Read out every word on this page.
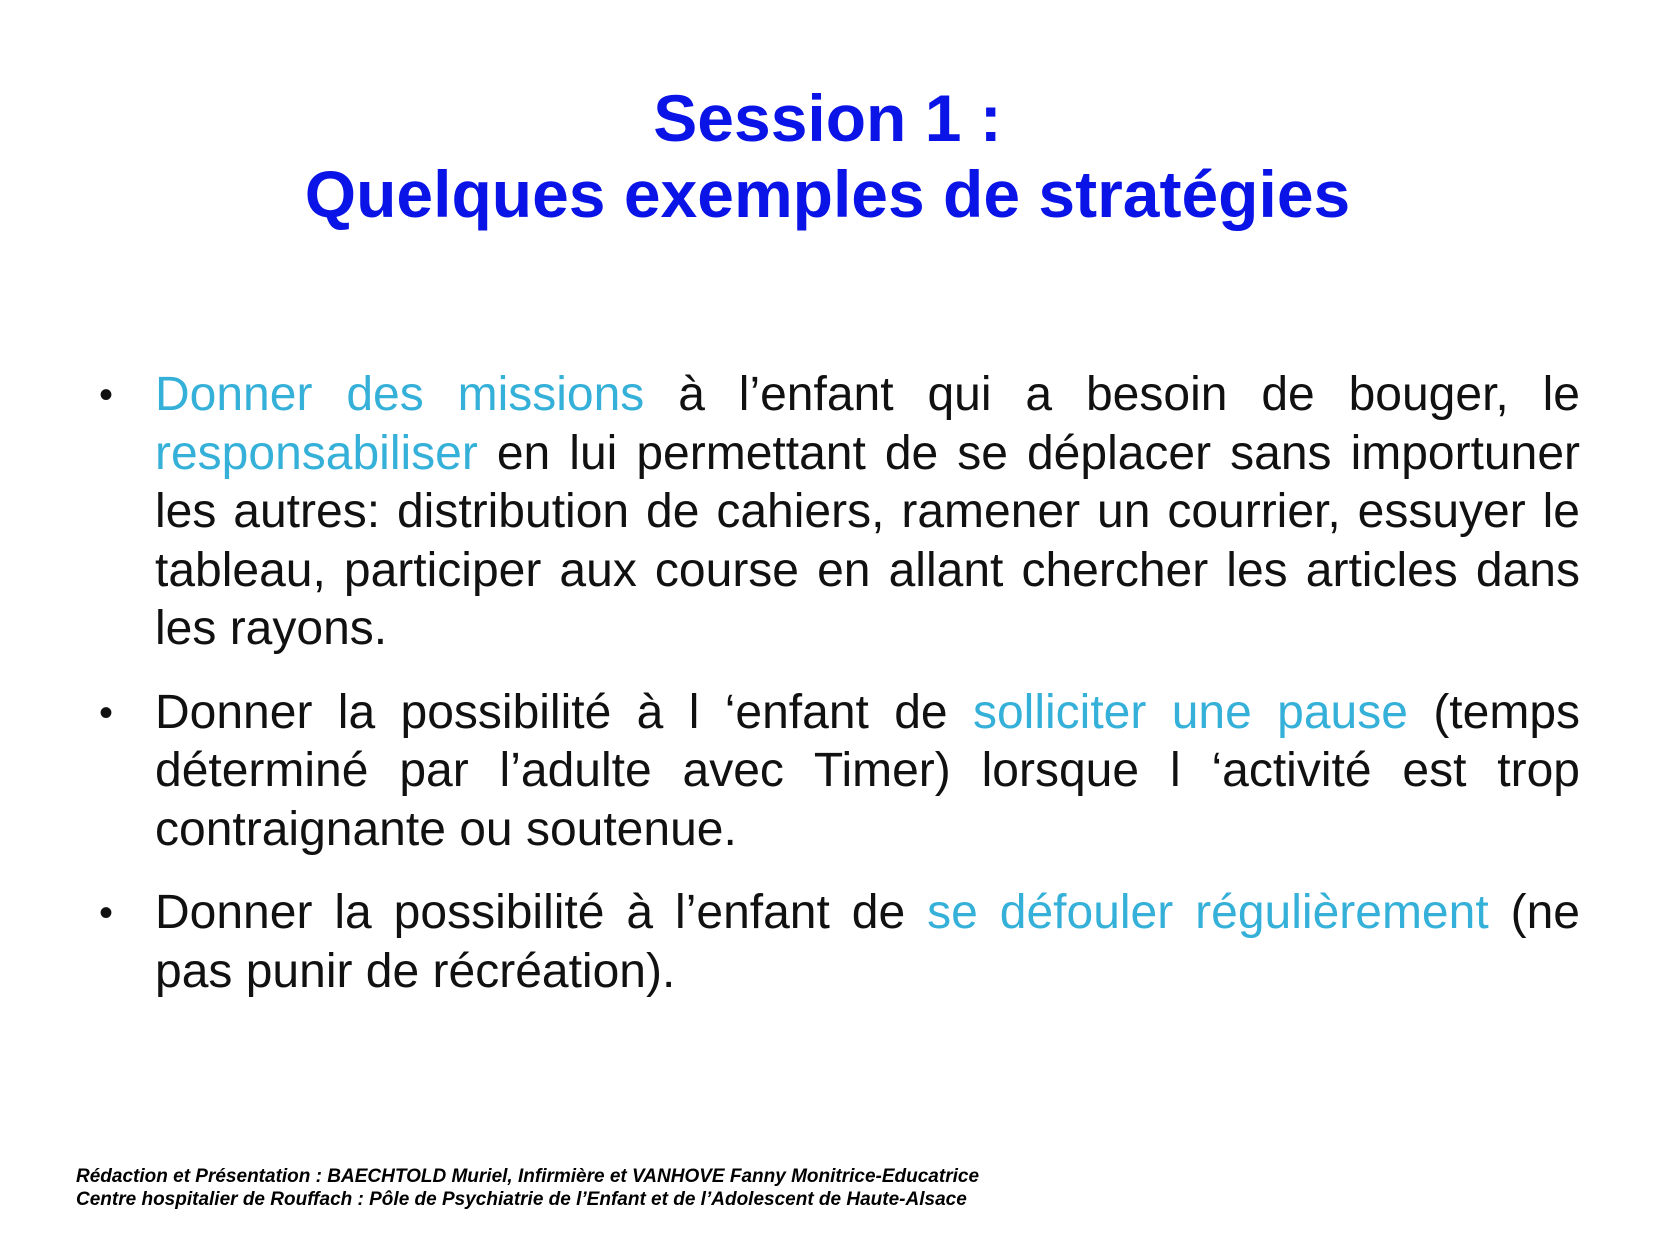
Session 1 :
Quelques exemples de stratégies
• Donner des missions à l’enfant qui a besoin de bouger, le responsabiliser en lui permettant de se déplacer sans importuner les autres: distribution de cahiers, ramener un courrier, essuyer le tableau, participer aux course en allant chercher les articles dans les rayons.
• Donner la possibilité à l ‘enfant de solliciter une pause (temps déterminé par l’adulte avec Timer) lorsque l ‘activité est trop contraignante ou soutenue.
• Donner la possibilité à l’enfant de se défouler régulièrement (ne pas punir de récréation).
Rédaction et Présentation : BAECHTOLD Muriel, Infirmière et VANHOVE Fanny Monitrice-Educatrice
Centre hospitalier de Rouffach : Pôle de Psychiatrie de l’Enfant et de l’Adolescent de Haute-Alsace
